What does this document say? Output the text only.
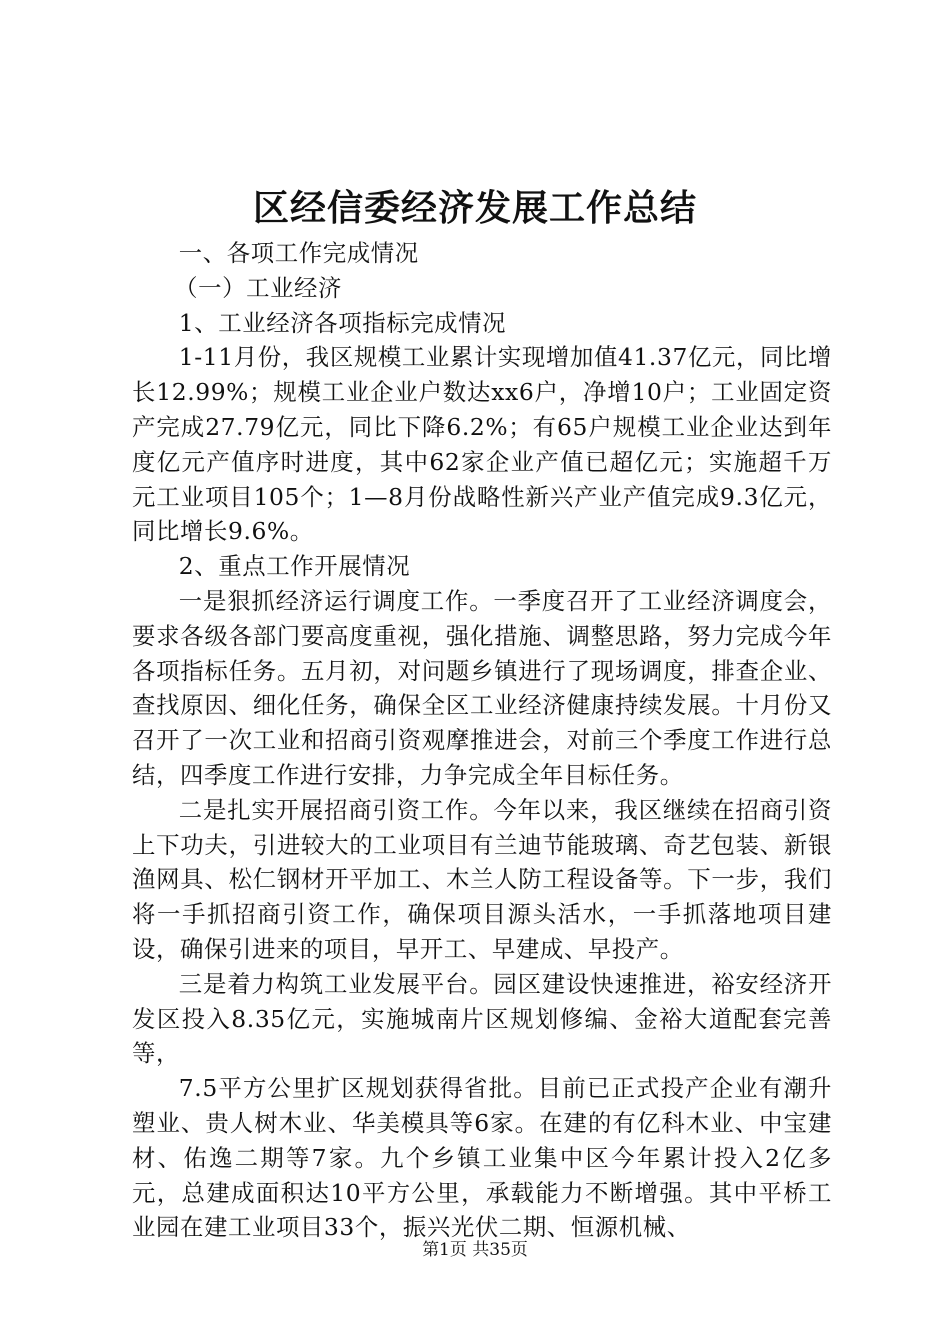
区经信委经济发展工作总结

一、各项工作完成情况

（一）工业经济

1、工业经济各项指标完成情况

1-11月份，我区规模工业累计实现增加值41.37亿元，同比增长12.99%；规模工业企业户数达xx6户，净增10户；工业固定资产完成27.79亿元，同比下降6.2%；有65户规模工业企业达到年度亿元产值序时进度，其中62家企业产值已超亿元；实施超千万元工业项目105个；1—8月份战略性新兴产业产值完成9.3亿元，同比增长9.6%。

2、重点工作开展情况

一是狠抓经济运行调度工作。一季度召开了工业经济调度会，要求各级各部门要高度重视，强化措施、调整思路，努力完成今年各项指标任务。五月初，对问题乡镇进行了现场调度，排查企业、查找原因、细化任务，确保全区工业经济健康持续发展。十月份又召开了一次工业和招商引资观摩推进会，对前三个季度工作进行总结，四季度工作进行安排，力争完成全年目标任务。

二是扎实开展招商引资工作。今年以来，我区继续在招商引资上下功夫，引进较大的工业项目有兰迪节能玻璃、奇艺包装、新银渔网具、松仁钢材开平加工、木兰人防工程设备等。下一步，我们将一手抓招商引资工作，确保项目源头活水，一手抓落地项目建设，确保引进来的项目，早开工、早建成、早投产。

三是着力构筑工业发展平台。园区建设快速推进，裕安经济开发区投入8.35亿元，实施城南片区规划修编、金裕大道配套完善等，

7.5平方公里扩区规划获得省批。目前已正式投产企业有潮升塑业、贵人树木业、华美模具等6家。在建的有亿科木业、中宝建材、佑逸二期等7家。九个乡镇工业集中区今年累计投入2亿多元，总建成面积达10平方公里，承载能力不断增强。其中平桥工业园在建工业项目33个，振兴光伏二期、恒源机械、

第1页 共35页
